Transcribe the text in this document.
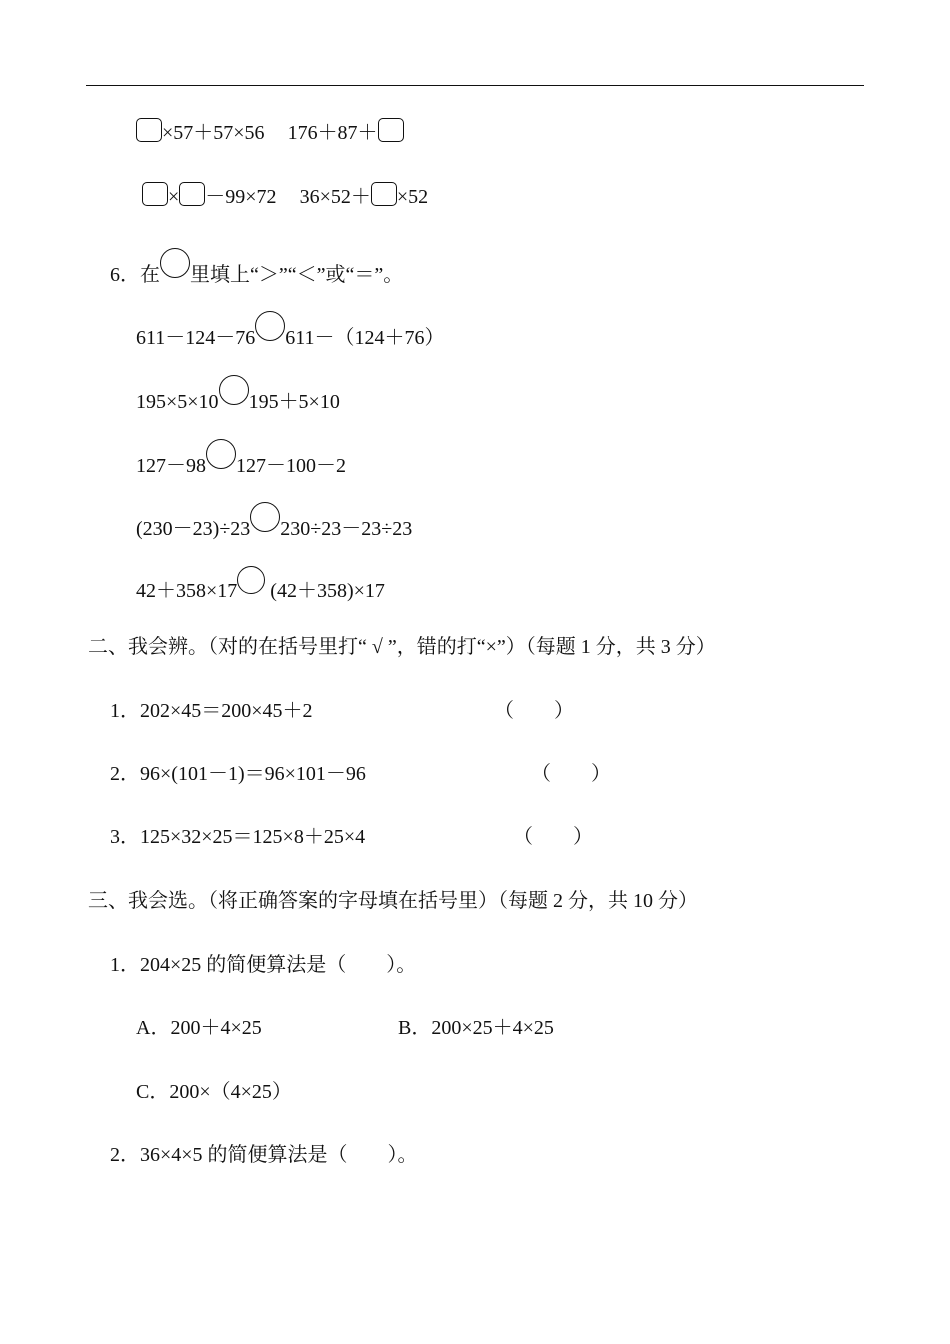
×57＋57×56 176＋87＋
× －99×72 36×52＋ ×52
6．在 里填上“＞”“＜”或“＝”。
611－124－76 611－（124＋76）
195×5×10 195＋5×10
127－98 127－100－2
(230－23)÷23 230÷23－23÷23
42＋358×17 (42＋358)×17
二、我会辨。（对的在括号里打“ √ ”，错的打“×”）（每题 1 分，共 3 分）
1．202×45＝200×45＋2	（　　）
2．96×(101－1)＝96×101－96	（　　）
3．125×32×25＝125×8＋25×4	（　　）
三、我会选。（将正确答案的字母填在括号里）（每题 2 分，共 10 分）
1．204×25 的简便算法是（　　）。
A．200＋4×25	B．200×25＋4×25
C．200×（4×25）
2．36×4×5 的简便算法是（　　）。
